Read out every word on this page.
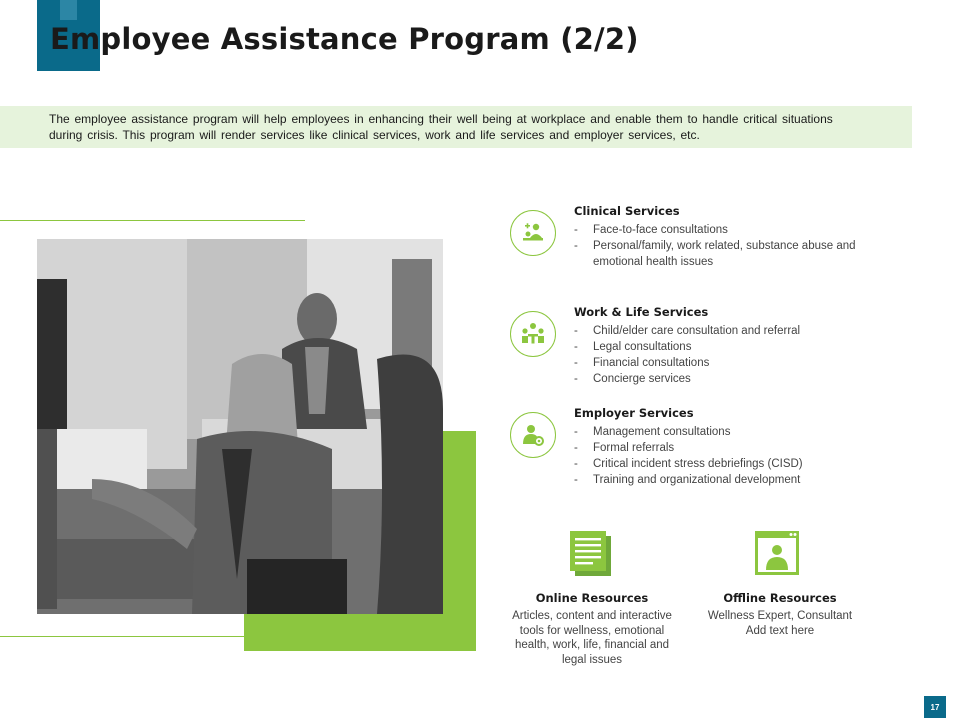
Employee Assistance Program (2/2)

The employee assistance program will help employees in enhancing their well being at workplace and enable them to handle critical situations during crisis. This program will render services like clinical services, work and life services and employer services, etc.

Clinical Services
- Face-to-face consultations
- Personal/family, work related, substance abuse and emotional health issues
Work & Life Services
- Child/elder care consultation and referral
- Legal consultations
- Financial consultations
- Concierge services
Employer Services
- Management consultations
- Formal referrals
- Critical incident stress debriefings (CISD)
- Training and organizational development
Online Resources
Articles, content and interactive tools for wellness, emotional health, work, life, financial and legal issues
Offline Resources
Wellness Expert, Consultant Add text here
17
